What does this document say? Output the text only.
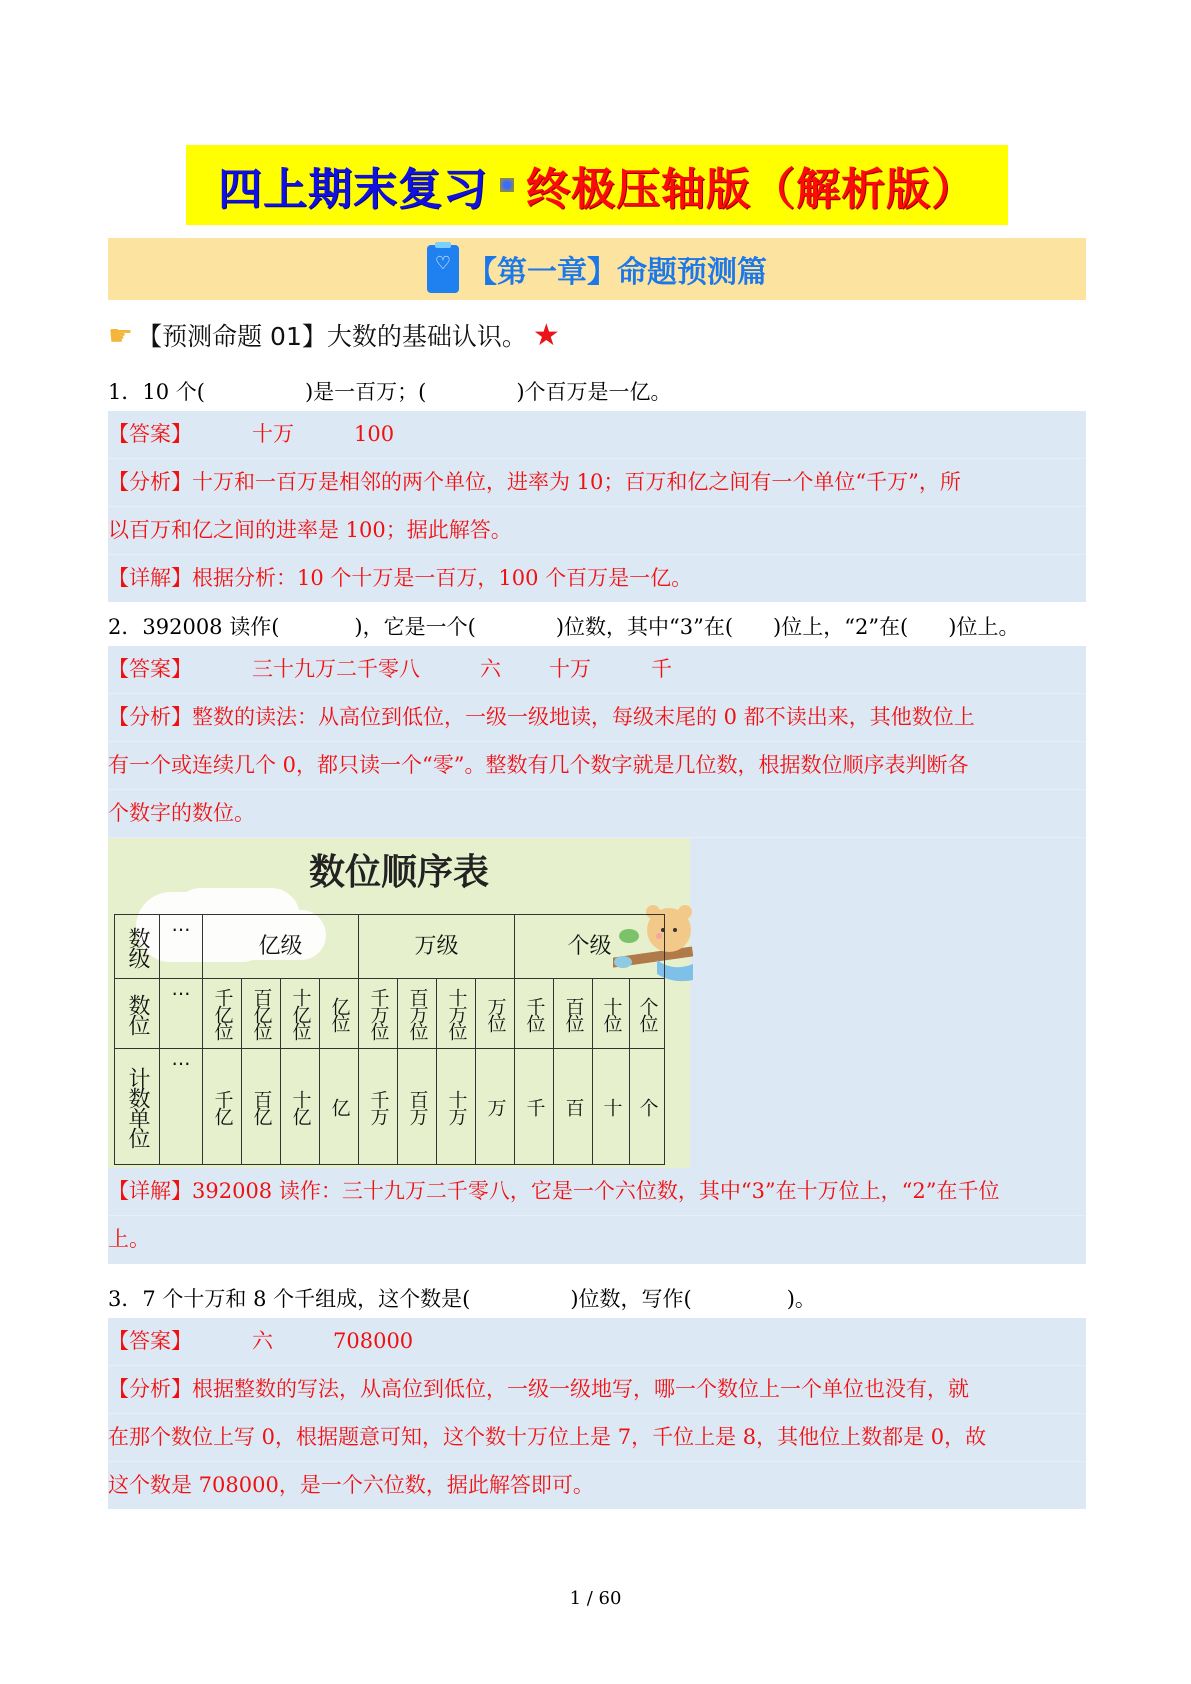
四上期末复习 终极压轴版（解析版）
♡ 【第一章】命题预测篇
☛ 【预测命题 01】大数的基础认识。 ★
1．10 个(	)是一百万；(	)个百万是一亿。
【答案】	十万	100
【分析】十万和一百万是相邻的两个单位，进率为 10；百万和亿之间有一个单位“千万”，所
以百万和亿之间的进率是 100；据此解答。
【详解】根据分析：10 个十万是一百万，100 个百万是一亿。
2．392008 读作(	)，它是一个(	)位数，其中“3”在( )位上，“2”在( )位上。
【答案】	三十九万二千零八	六 十万	千
【分析】整数的读法：从高位到低位，一级一级地读，每级末尾的 0 都不读出来，其他数位上
有一个或连续几个 0，都只读一个“零”。整数有几个数字就是几位数，根据数位顺序表判断各
个数字的数位。
数位顺序表
数级	…	亿级				万级				个级			
数位	…	千亿位	百亿位	十亿位	亿位	千万位	百万位	十万位	万位	千位	百位	十位	个位
计数单位	…	千亿	百亿	十亿	亿	千万	百万	十万	万	千	百	十	个
【详解】392008 读作：三十九万二千零八，它是一个六位数，其中“3”在十万位上，“2”在千位
上。
3．7 个十万和 8 个千组成，这个数是(	)位数，写作(	)。
【答案】	六	708000
【分析】根据整数的写法，从高位到低位，一级一级地写，哪一个数位上一个单位也没有，就
在那个数位上写 0，根据题意可知，这个数十万位上是 7，千位上是 8，其他位上数都是 0，故
这个数是 708000，是一个六位数，据此解答即可。
1 / 60
